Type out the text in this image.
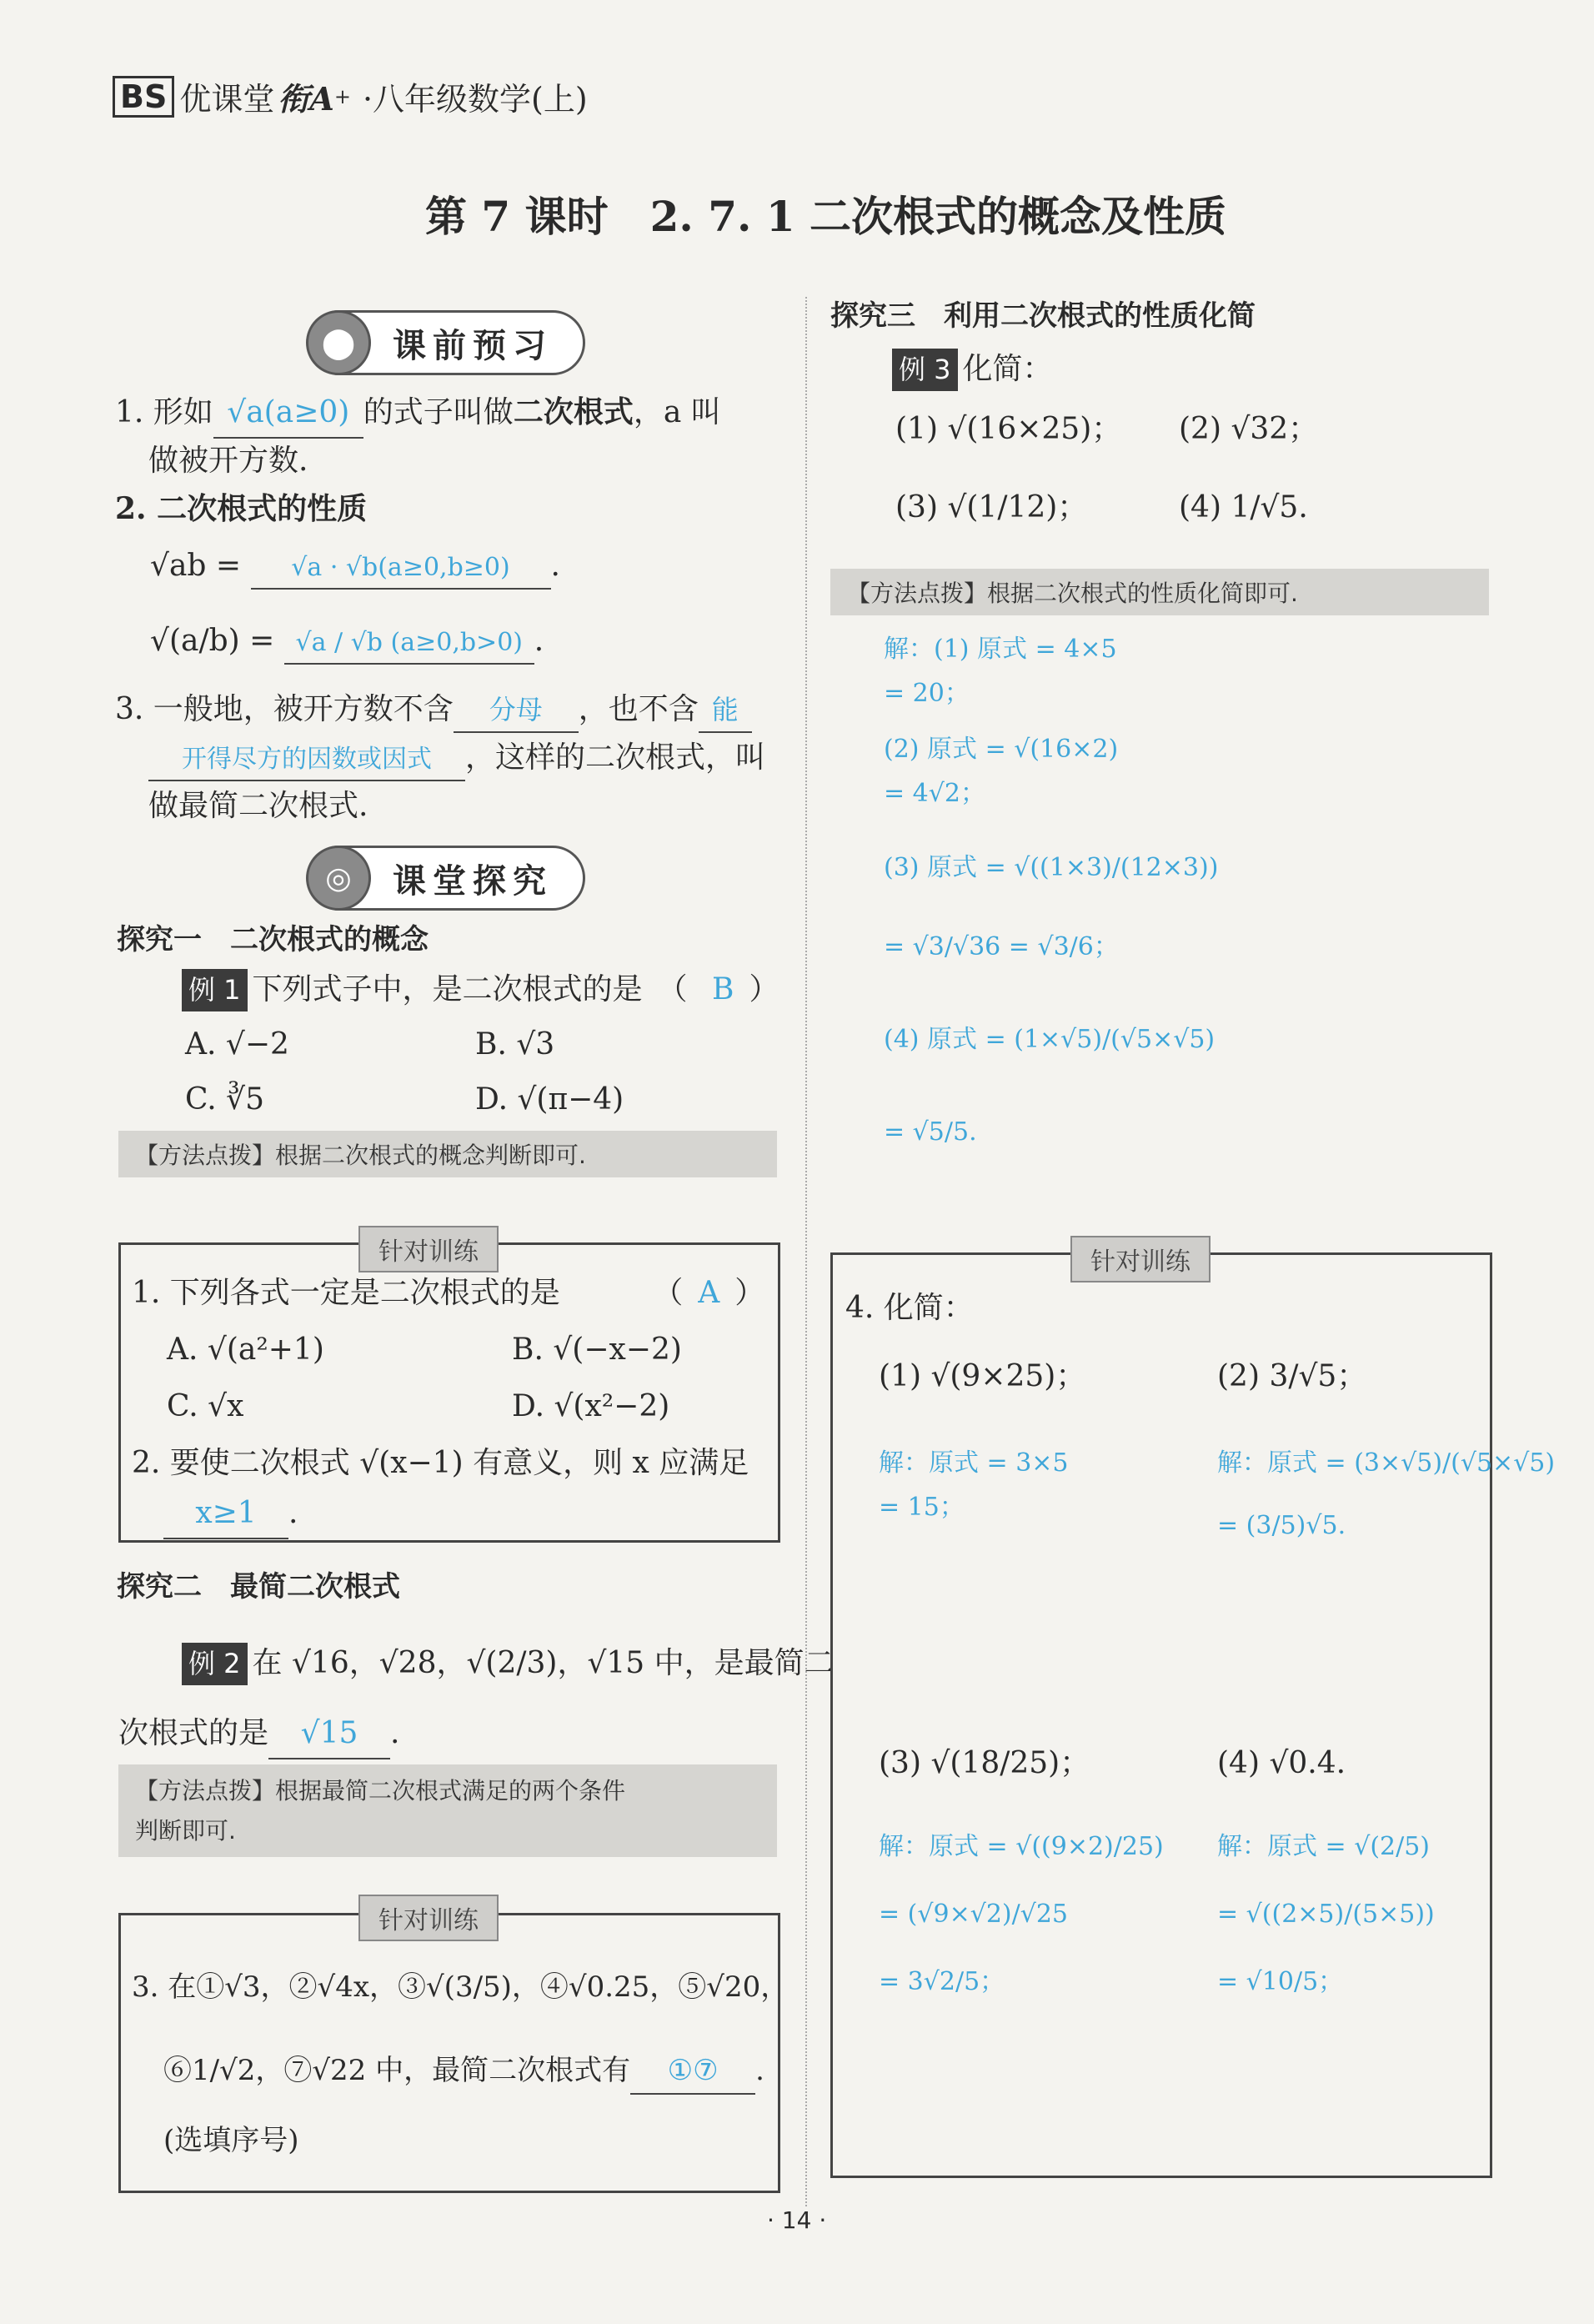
BS 优课堂 衔A + ·八年级数学(上)
第 7 课时　2. 7. 1 二次根式的概念及性质
⬤	课前预习
1. 形如 √a(a≥0) 的式子叫做二次根式，a 叫
做被开方数.
2. 二次根式的性质
√ab = √a · √b(a≥0,b≥0) .
√(a/b) = √a / √b (a≥0,b>0) .
3. 一般地，被开方数不含 分母 ，也不含 能
开得尽方的因数或因式 ，这样的二次根式，叫
做最简二次根式.
◎	课堂探究
探究一　二次根式的概念
例 1 下列式子中，是二次根式的是　（ B ）
A. √−2	B. √3
C. ∛5	D. √(π−4)
【方法点拨】根据二次根式的概念判断即可.
针对训练
1. 下列各式一定是二次根式的是	（ A ）
A. √(a²+1)	B. √(−x−2)
C. √x	D. √(x²−2)
2. 要使二次根式 √(x−1) 有意义，则 x 应满足
x≥1 .
探究二　最简二次根式
例 2 在 √16，√28，√(2/3)，√15 中，是最简二
次根式的是 √15 .
【方法点拨】根据最简二次根式满足的两个条件
判断即可.
针对训练
3. 在①√3，②√4x，③√(3/5)，④√0.25，⑤√20，
⑥1/√2，⑦√22 中，最简二次根式有 ①⑦ .
(选填序号)
探究三　利用二次根式的性质化简
例 3 化简：
(1) √(16×25)； (2) √32；
(3) √(1/12)；	(4) 1/√5.
【方法点拨】根据二次根式的性质化简即可.
解：(1) 原式 = 4×5
= 20；
(2) 原式 = √(16×2)
= 4√2；
(3) 原式 = √((1×3)/(12×3))
= √3/√36 = √3/6；
(4) 原式 = (1×√5)/(√5×√5)
= √5/5.
针对训练
4. 化简：
(1) √(9×25)；	(2) 3/√5；
解：原式 = 3×5
= 15；
解：原式 = (3×√5)/(√5×√5)
= (3/5)√5.
(3) √(18/25)；	(4) √0.4.
解：原式 = √((9×2)/25)
= (√9×√2)/√25
= 3√2/5；
解：原式 = √(2/5)
= √((2×5)/(5×5))
= √10/5；
· 14 ·
